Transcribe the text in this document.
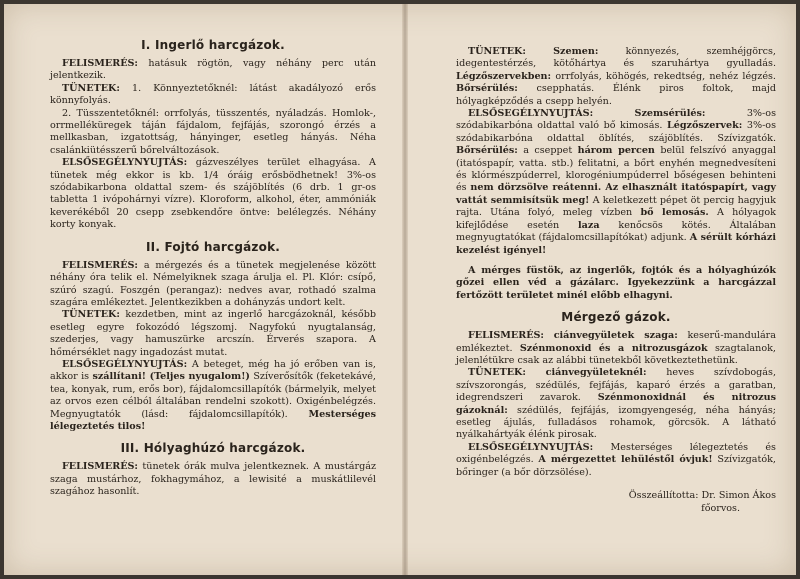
I. Ingerlő harcgázok.

FELISMERÉS: hatásuk rögtön, vagy néhány perc után jelentkezik.

TÜNETEK: 1. Könnyeztetőknél: látást akadályozó erős könnyfolyás.

2. Tüsszentetőknél: orrfolyás, tüsszentés, nyáladzás. Homlok-, orrmelléküregek táján fájdalom, fejfájás, szorongó érzés a mellkasban, izgatottság, hányinger, esetleg hányás. Néha csalánkiütésszerű bőrelváltozások.

ELSŐSEGÉLYNYUJTÁS: gázveszélyes terület elhagyása. A tünetek még ekkor is kb. 1/4 óráig erősbödhetnek! 3%-os szódabikarbona oldattal szem- és szájöblítés (6 drb. 1 gr-os tabletta 1 ivópohárnyi vízre). Kloroform, alkohol, éter, ammóniák keverékéből 20 csepp zsebkendőre öntve: belélegzés. Néhány korty konyak.

II. Fojtó harcgázok.

FELISMERÉS: a mérgezés és a tünetek megjelenése között néhány óra telik el. Némelyiknek szaga árulja el. Pl. Klór: csípő, szúró szagú. Foszgén (perangaz): nedves avar, rothadó szalma szagára emlékeztet. Jelentkezikben a dohányzás undort kelt.

TÜNETEK: kezdetben, mint az ingerlő harcgázoknál, később esetleg egyre fokozódó légszomj. Nagyfokú nyugtalanság, szederjes, vagy hamuszürke arcszín. Érverés szapora. A hőmérséklet nagy ingadozást mutat.

ELSŐSEGÉLYNYUJTÁS: A beteget, még ha jó erőben van is, akkor is szállítani! (Teljes nyugalom!) Szíverősítők (feketekávé, tea, konyak, rum, erős bor), fájdalomcsillapítók (bármelyik, melyet az orvos ezen célból általában rendelni szokott). Oxigénbelégzés. Megnyugtatók (lásd: fájdalomcsillapítók). Mesterséges lélegeztetés tilos!

III. Hólyaghúzó harcgázok.

FELISMERÉS: tünetek órák mulva jelentkeznek. A mustárgáz szaga mustárhoz, fokhagymához, a lewisité a muskátlilevél szagához hasonlít.

TÜNETEK:	Szemen:	könnyezés, szemhéjgörcs, idegentestérzés, kötőhártya és szaruhártya gyulladás. Légzőszervekben: orrfolyás, köhögés, rekedtség, nehéz légzés. Bőrsérülés: csepphatás. Élénk piros foltok, majd hólyagképződés a csepp helyén.

ELSŐSEGÉLYNYUJTÁS:	Szemsérülés:	3%-os szódabikarbóna oldattal való bő kimosás. Légzőszervek: 3%-os szódabikarbóna oldattal öblítés, szájöblítés. Szívizgatók. Bőrsérülés: a cseppet három percen belül felszívó anyaggal (itatóspapír, vatta. stb.) felitatni, a bőrt enyhén megnedvesíteni és klórmészpúderrel, klorogéniumpúderrel bőségesen behinteni és nem dörzsölve reátenni. Az elhasznált itatóspapírt, vagy vattát semmisítsük meg! A keletkezett pépet öt percig hagyjuk rajta. Utána folyó, meleg vízben bő lemosás. A hólyagok kifejlődése esetén laza kenőcsös kötés. Általában megnyugtatókat (fájdalomcsillapítókat) adjunk. A sérült kórházi kezelést igényel!

A mérges füstök, az ingerlők, fojtók és a hólyaghúzók gőzei ellen véd a gázálarc. Igyekezzünk a harcgázzal fertőzött területet minél előbb elhagyni.

Mérgező gázok.

FELISMERÉS: ciánvegyületek szaga: keserű-mandulára emlékeztet. Szénmonoxid és a nitrozusgázok szagtalanok, jelenlétükre csak az alábbi tünetekből következtethetünk.

TÜNETEK: ciánvegyületeknél: heves szívdobogás, szívszorongás, szédülés, fejfájás, kaparó érzés a garatban, idegrendszeri zavarok. Szénmonoxidnál és nitrozus gázoknál: szédülés, fejfájás, izomgyengeség, néha hányás; esetleg ájulás, fulladásos rohamok, görcsök. A látható nyálkahártyák élénk pirosak.

ELSŐSEGÉLYNYUJTÁS: Mesterséges lélegeztetés és oxigénbelégzés. A mérgezettet lehüléstől óvjuk! Szívizgatók, bőringer (a bőr dörzsölése).

Összeállította: Dr. Simon Ákos
főorvos.
